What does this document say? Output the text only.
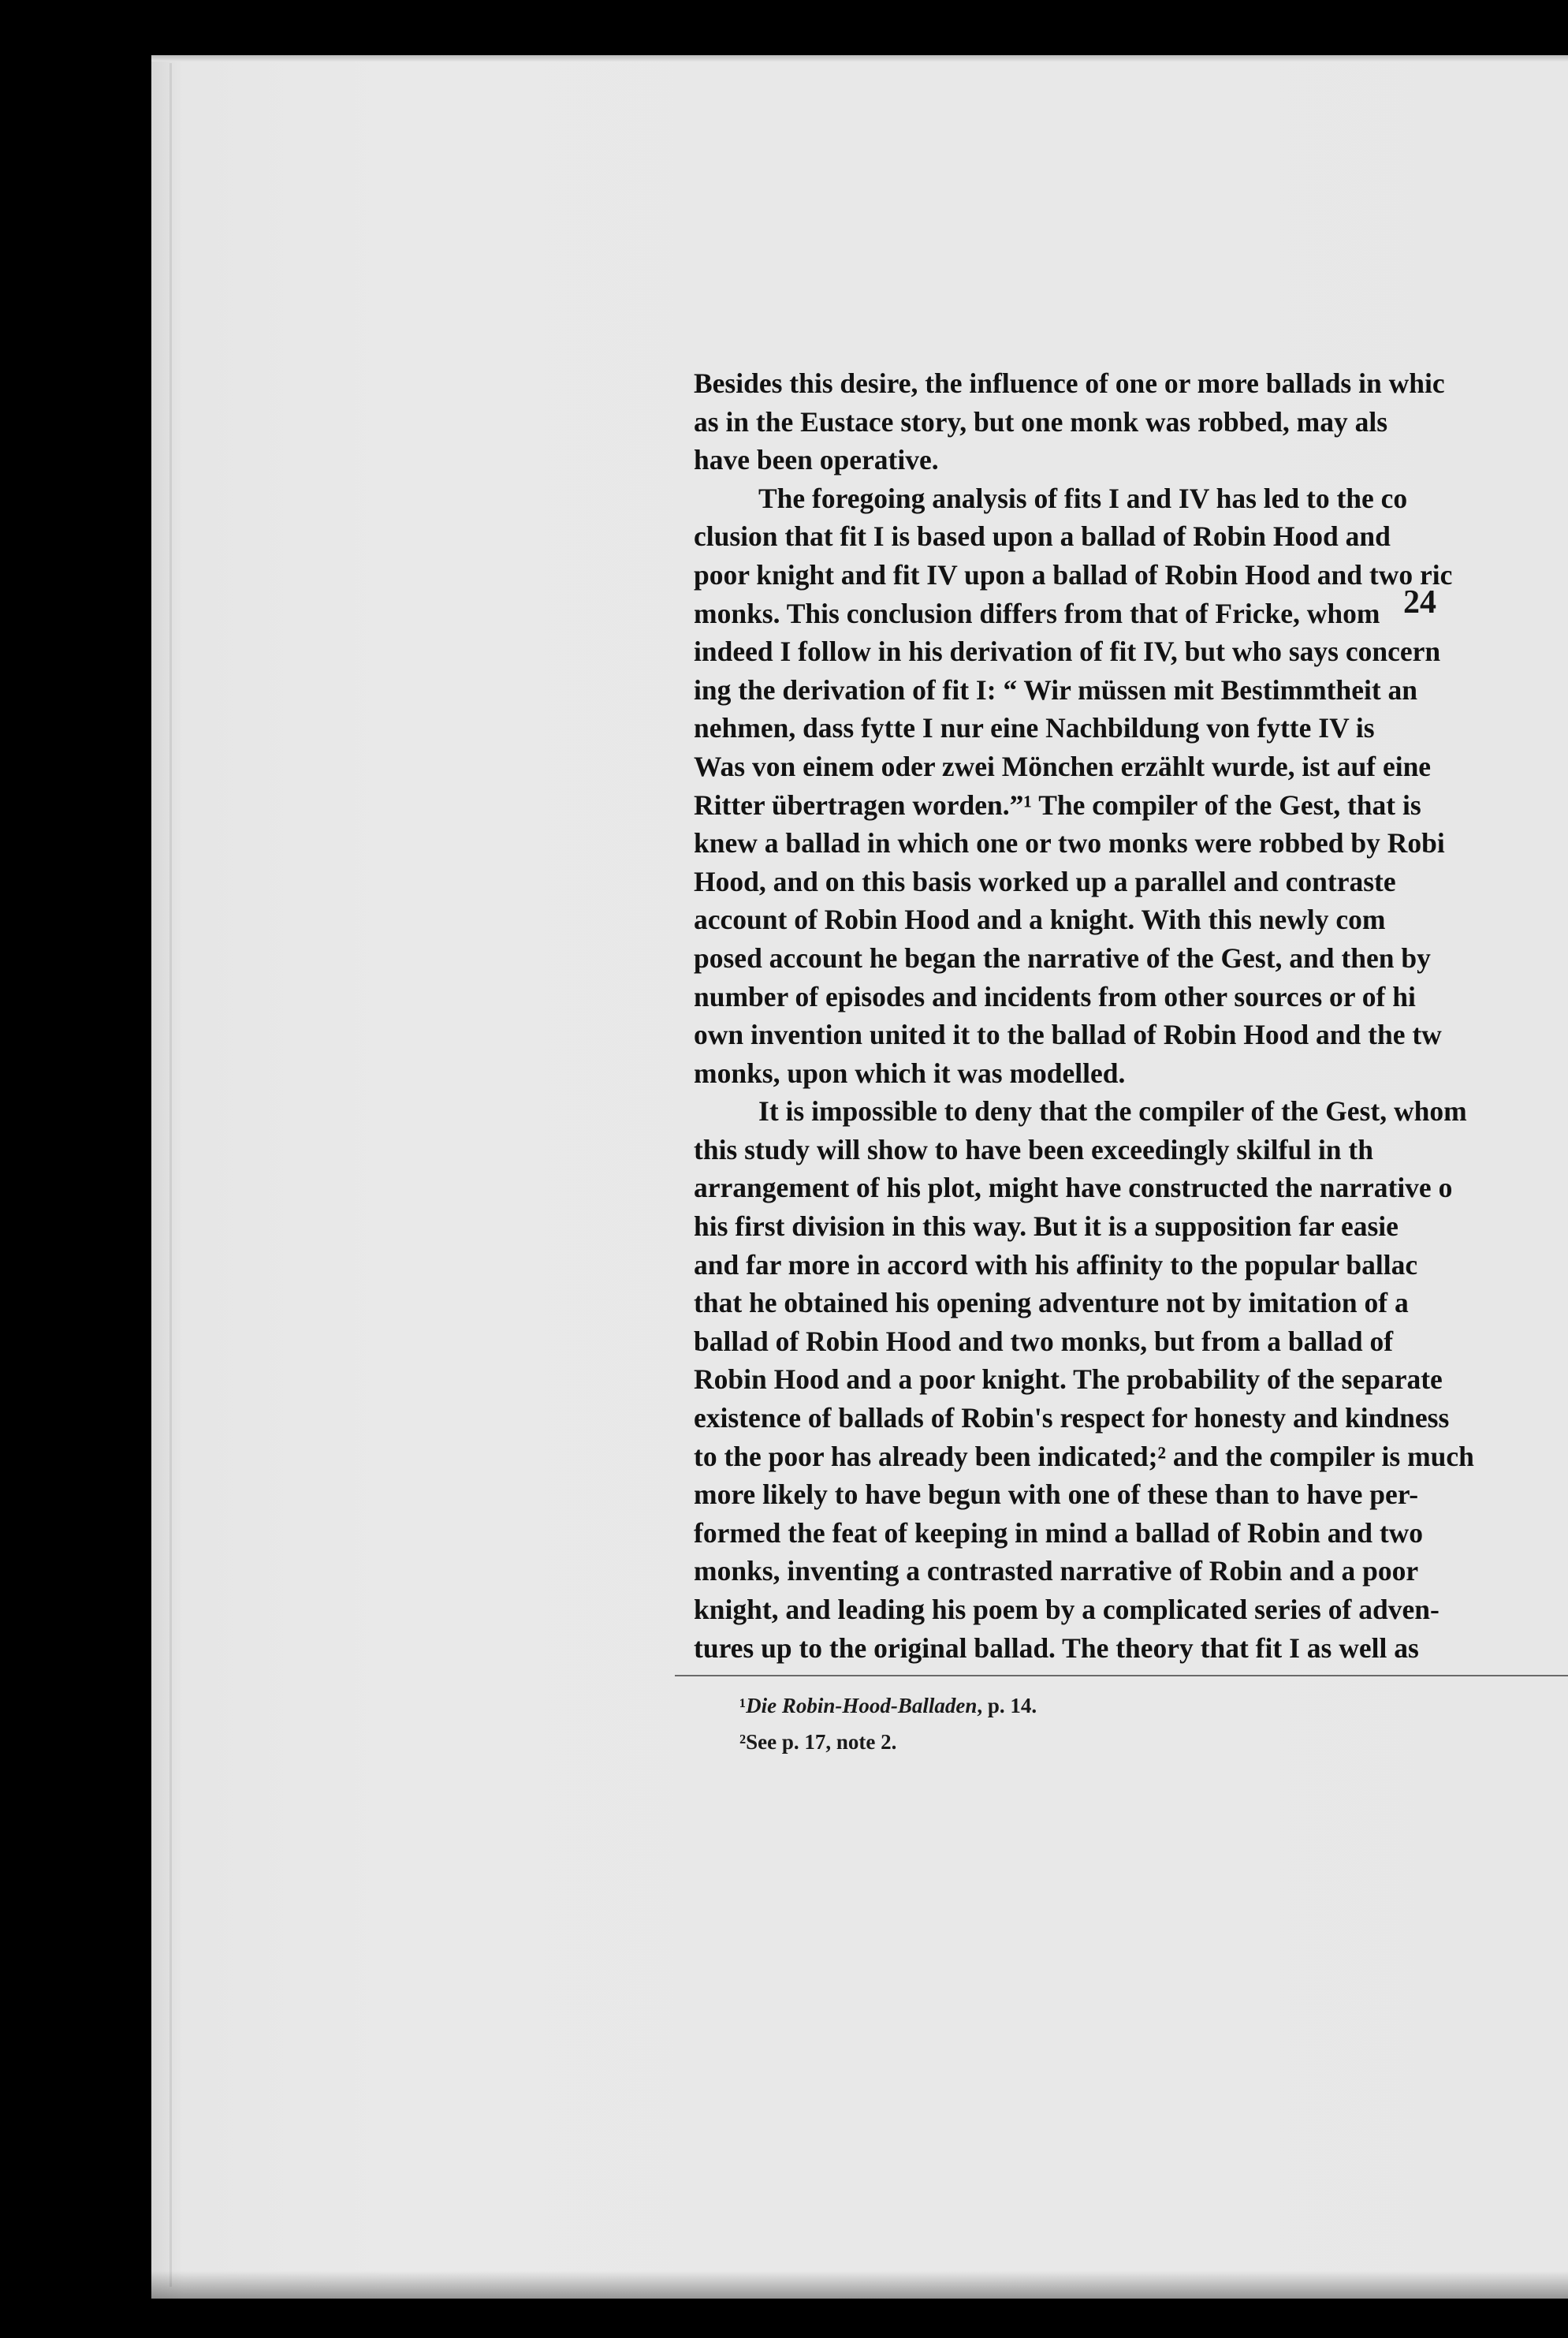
24
Besides this desire, the influence of one or more ballads in whic
as in the Eustace story, but one monk was robbed, may als
have been operative.
The foregoing analysis of fits I and IV has led to the co
clusion that fit I is based upon a ballad of Robin Hood and
poor knight and fit IV upon a ballad of Robin Hood and two ric
monks. This conclusion differs from that of Fricke, whom
indeed I follow in his derivation of fit IV, but who says concern
ing the derivation of fit I: “ Wir müssen mit Bestimmtheit an
nehmen, dass fytte I nur eine Nachbildung von fytte IV is
Was von einem oder zwei Mönchen erzählt wurde, ist auf eine
Ritter übertragen worden.”¹ The compiler of the Gest, that is
knew a ballad in which one or two monks were robbed by Robi
Hood, and on this basis worked up a parallel and contraste
account of Robin Hood and a knight. With this newly com
posed account he began the narrative of the Gest, and then by
number of episodes and incidents from other sources or of hi
own invention united it to the ballad of Robin Hood and the tw
monks, upon which it was modelled.
It is impossible to deny that the compiler of the Gest, whom
this study will show to have been exceedingly skilful in th
arrangement of his plot, might have constructed the narrative o
his first division in this way. But it is a supposition far easie
and far more in accord with his affinity to the popular ballac
that he obtained his opening adventure not by imitation of a
ballad of Robin Hood and two monks, but from a ballad of
Robin Hood and a poor knight. The probability of the separate
existence of ballads of Robin's respect for honesty and kindness
to the poor has already been indicated;² and the compiler is much
more likely to have begun with one of these than to have per-
formed the feat of keeping in mind a ballad of Robin and two
monks, inventing a contrasted narrative of Robin and a poor
knight, and leading his poem by a complicated series of adven-
tures up to the original ballad. The theory that fit I as well as
¹Die Robin-Hood-Balladen, p. 14.
²See p. 17, note 2.
